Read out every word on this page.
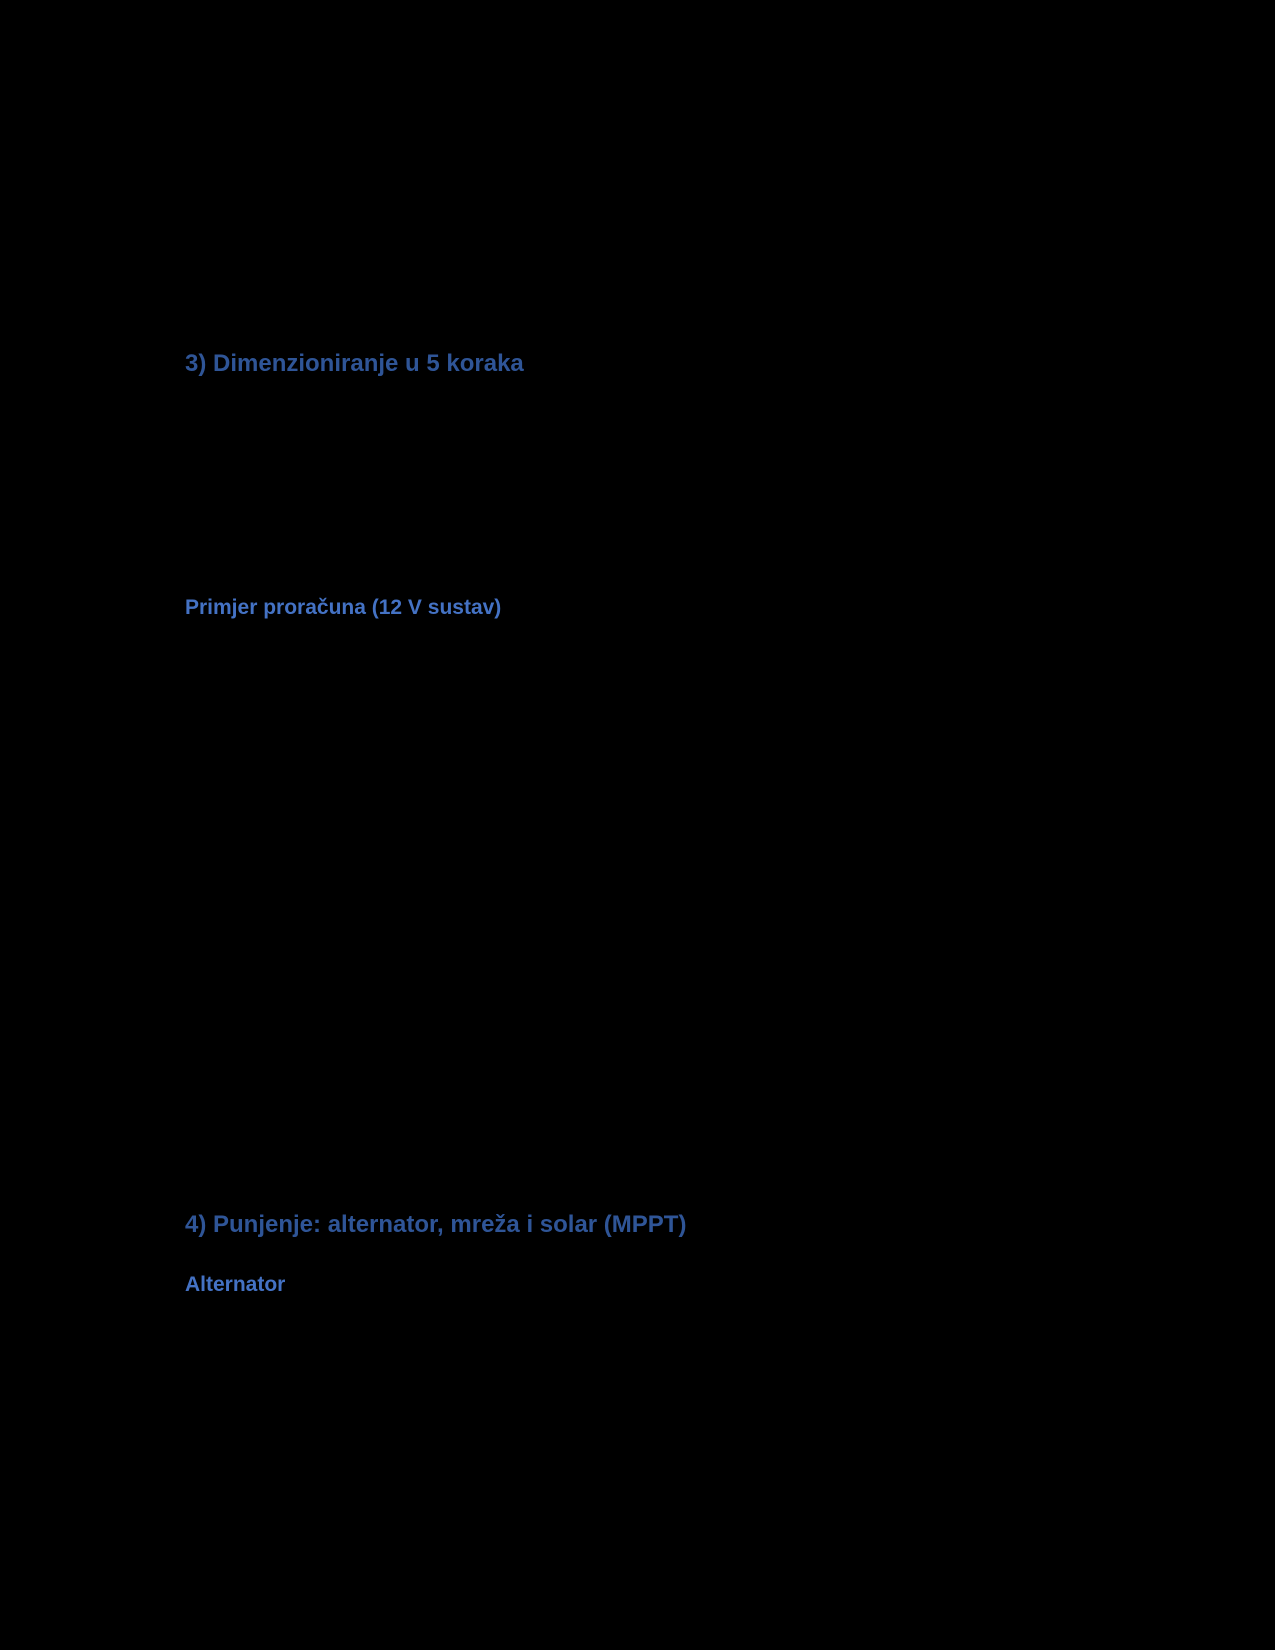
masa, brzo
punjenje, dugi
ciklički vijek,
stabilna kemija.
i kompatibilno
punjenje.
manju težinu.
3) Dimenzioniranje u 5 koraka
1. Popišite potrošače (snaga u W i sati rada/dan).
2. Pretvorite W u A (struja) formulom: A = W / V.
3. Izračunajte dnevne ampersate: Ah/dan = A × sati.
4. Dodajte sigurnosnu rezervu (~ 20%).
5. Odaberite kemiju i izračunajte traženi kapacitet uz željenu autonomiju (npr. 2 dana) i preporučeni DoD.
Primjer proračuna (12 V sustav)
Potrošač	Snaga (W)	Napon (V)	Struja (A)	Sati/dan	Ah/dan
Kompresorski hladnjak (duty 30%)	45	12	3,75	7,2	27,00
LED rasvjeta	10	12	0,83	4,0	3,33
Pumpa vode	60	12	5,00	0,5	2,50
Navigacija + instrumenti	12	12	1,00	6,0	6,00
Punjači telefona	10	12	0,83	2,0	1,67

Ukupno Ah/dan: 40,5

Sigurnosna rezerva 20%: 40,5 × 1,20 = 48,6 Ah/dan

S 2 dana autonomije:

○ AGM/GEL (DoD ≈ 50%): kapacitet = 48,6 × 2 / 0,5 = 194,4 Ah → odaberite oko 200 Ah.
○ LiFePO4 (DoD ≈ 80%): kapacitet = 48,6 × 2 / 0,8 = 121,5 Ah → odaberite oko 120–125 Ah.
4) Punjenje: alternator, mreža i solar (MPPT)
Alternator
○ Za odvojene banke preporučujemo DC-DC punjač (profil punjenja, zaštita alternatora i LiFePO4).
○ Jednostavnija opcija je VSR (spaja banke tek kad motor puni) — najbolji s olovnim bankama.
